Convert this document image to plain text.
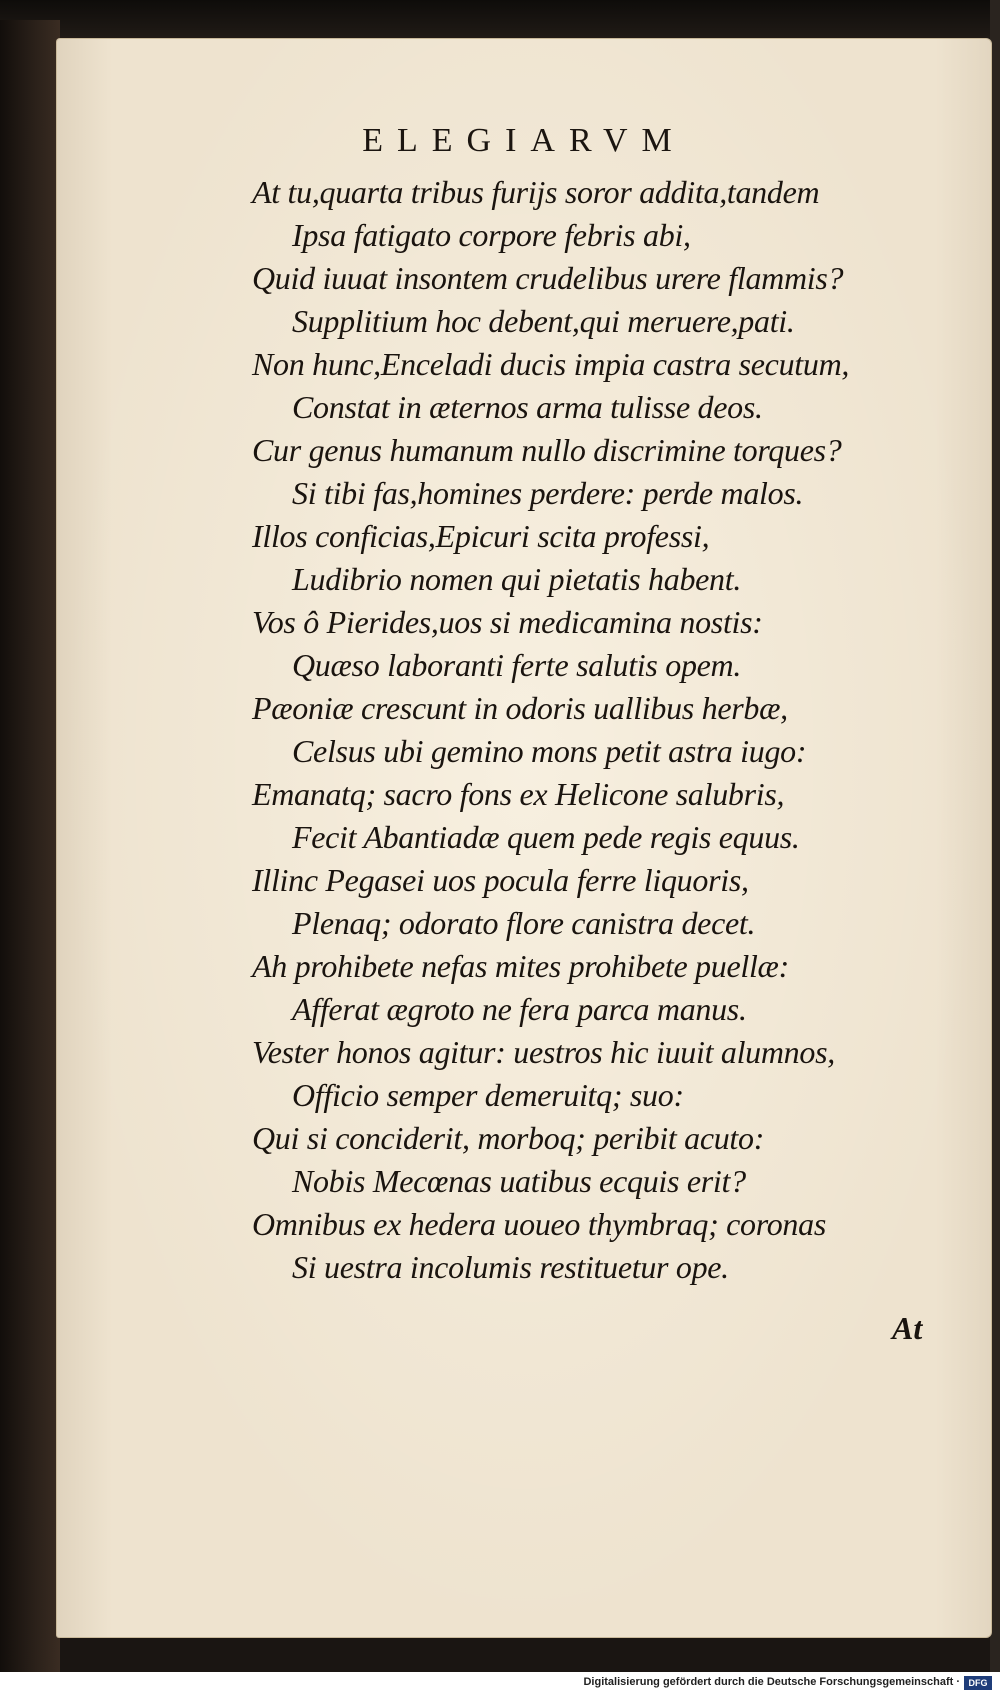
ELEGIARVM
At tu,quarta tribus furijs soror addita,tandem
Ipsa fatigato corpore febris abi,
Quid iuuat insontem crudelibus urere flammis?
Supplitium hoc debent,qui meruere,pati.
Non hunc,Enceladi ducis impia castra secutum,
Constat in æternos arma tulisse deos.
Cur genus humanum nullo discrimine torques?
Si tibi fas,homines perdere: perde malos.
Illos conficias,Epicuri scita professi,
Ludibrio nomen qui pietatis habent.
Vos ô Pierides,uos si medicamina nostis:
Quæso laboranti ferte salutis opem.
Pæoniæ crescunt in odoris uallibus herbæ,
Celsus ubi gemino mons petit astra iugo:
Emanatq; sacro fons ex Helicone salubris,
Fecit Abantiadæ quem pede regis equus.
Illinc Pegasei uos pocula ferre liquoris,
Plenaq; odorato flore canistra decet.
Ah prohibete nefas mites prohibete puellæ:
Afferat ægroto ne fera parca manus.
Vester honos agitur: uestros hic iuuit alumnos,
Officio semper demeruitq; suo:
Qui si conciderit, morboq; peribit acuto:
Nobis Mecœnas uatibus ecquis erit?
Omnibus ex hedera uoueo thymbraq; coronas
Si uestra incolumis restituetur ope.
At
Digitalisierung gefördert durch die Deutsche Forschungsgemeinschaft · DFG
